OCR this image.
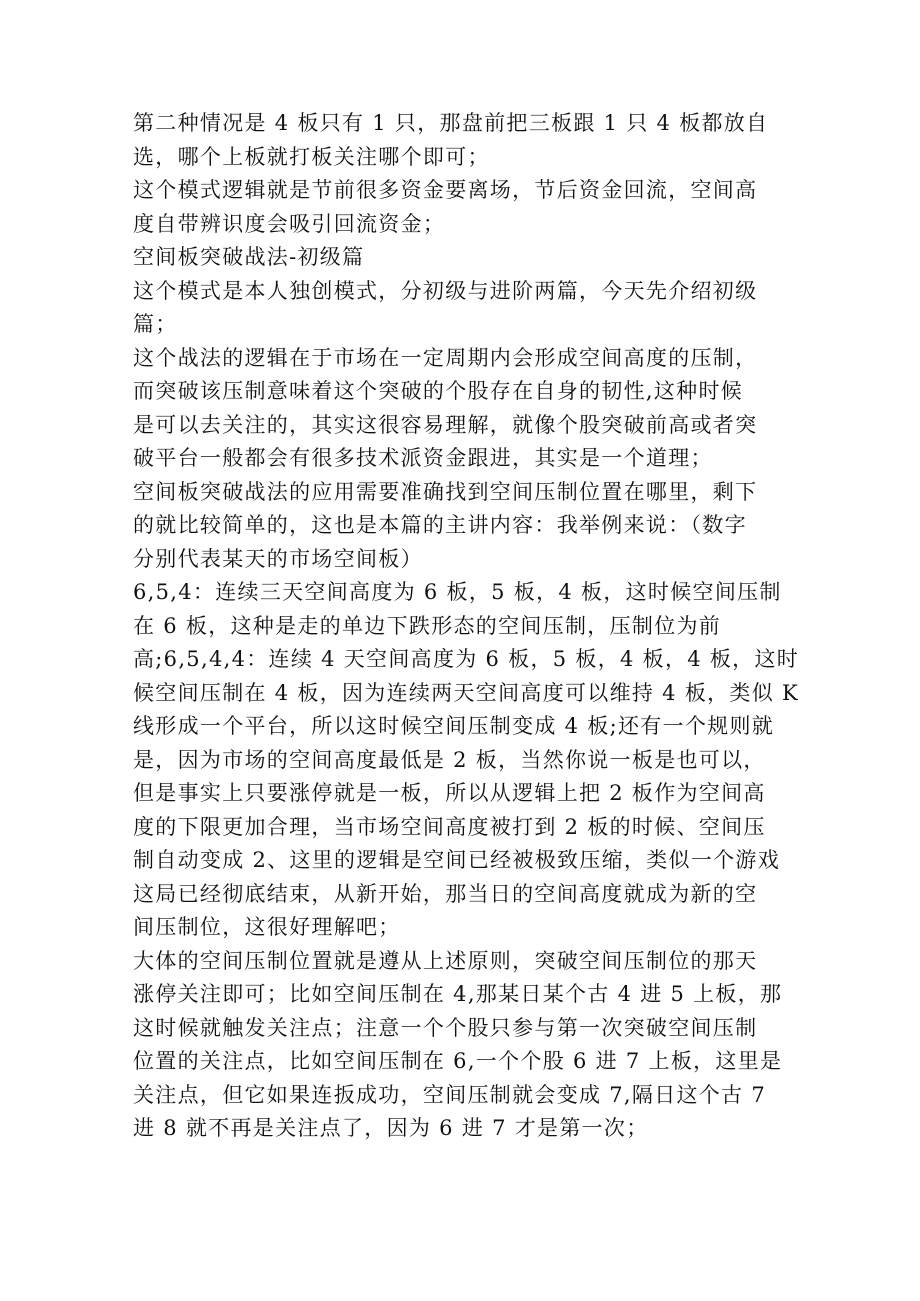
第二种情况是 4 板只有 1 只，那盘前把三板跟 1 只 4 板都放自
选，哪个上板就打板关注哪个即可；
这个模式逻辑就是节前很多资金要离场，节后资金回流，空间高
度自带辨识度会吸引回流资金；
空间板突破战法-初级篇
这个模式是本人独创模式，分初级与进阶两篇，今天先介绍初级
篇；
这个战法的逻辑在于市场在一定周期内会形成空间高度的压制，
而突破该压制意味着这个突破的个股存在自身的韧性,这种时候
是可以去关注的，其实这很容易理解，就像个股突破前高或者突
破平台一般都会有很多技术派资金跟进，其实是一个道理；
空间板突破战法的应用需要准确找到空间压制位置在哪里，剩下
的就比较简单的，这也是本篇的主讲内容：我举例来说：（数字
分别代表某天的市场空间板）
6,5,4：连续三天空间高度为 6 板，5 板，4 板，这时候空间压制
在 6 板，这种是走的单边下跌形态的空间压制，压制位为前
高;6,5,4,4：连续 4 天空间高度为 6 板，5 板，4 板，4 板，这时
候空间压制在 4 板，因为连续两天空间高度可以维持 4 板，类似 K
线形成一个平台，所以这时候空间压制变成 4 板;还有一个规则就
是，因为市场的空间高度最低是 2 板，当然你说一板是也可以，
但是事实上只要涨停就是一板，所以从逻辑上把 2 板作为空间高
度的下限更加合理，当市场空间高度被打到 2 板的时候、空间压
制自动变成 2、这里的逻辑是空间已经被极致压缩，类似一个游戏
这局已经彻底结束，从新开始，那当日的空间高度就成为新的空
间压制位，这很好理解吧；
大体的空间压制位置就是遵从上述原则，突破空间压制位的那天
涨停关注即可；比如空间压制在 4,那某日某个古 4 进 5 上板，那
这时候就触发关注点；注意一个个股只参与第一次突破空间压制
位置的关注点，比如空间压制在 6,一个个股 6 进 7 上板，这里是
关注点，但它如果连扳成功，空间压制就会变成 7,隔日这个古 7
进 8 就不再是关注点了，因为 6 进 7 才是第一次；
